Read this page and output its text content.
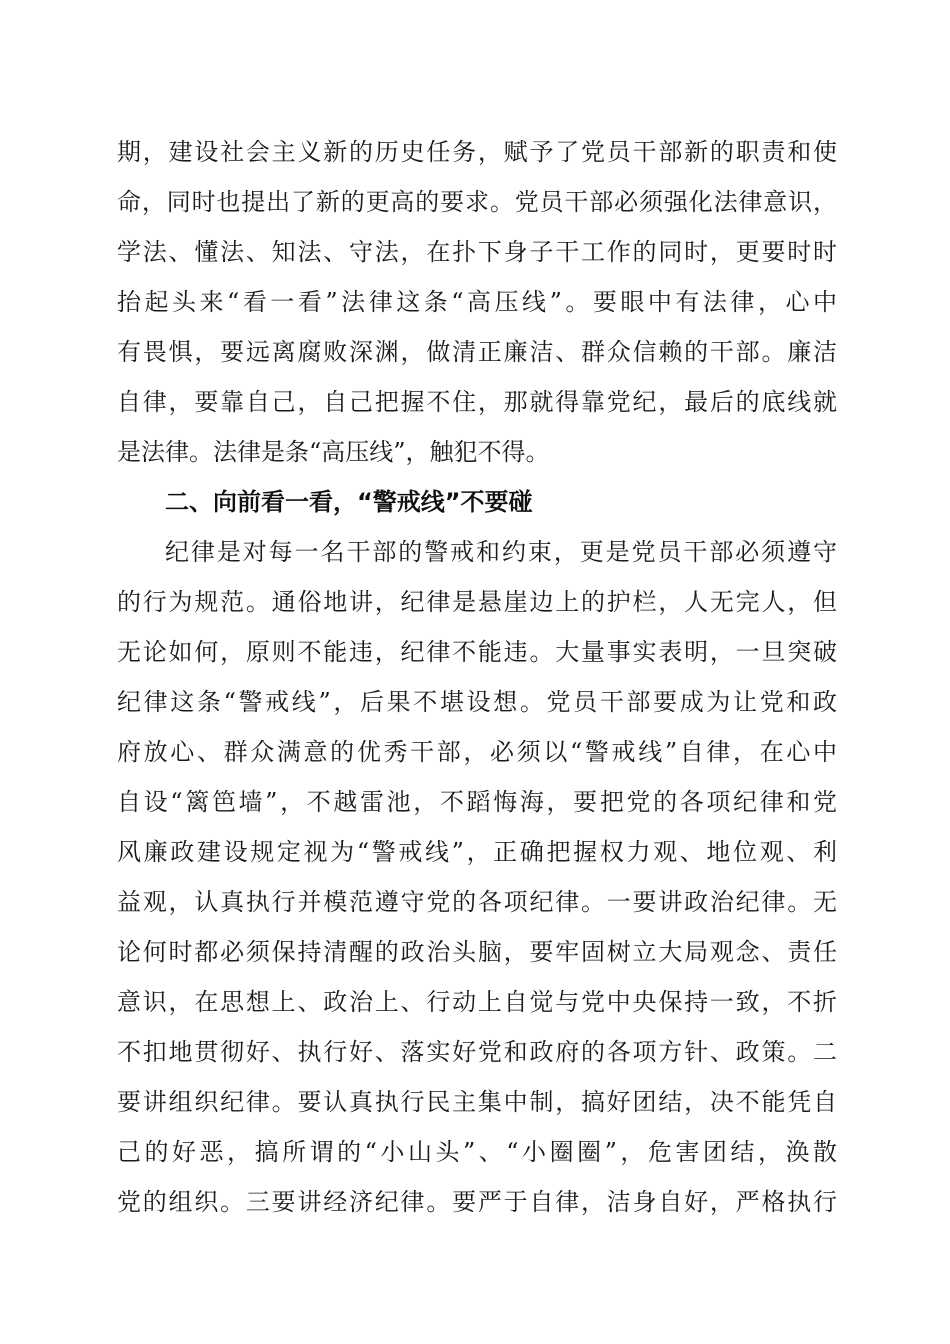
期，建设社会主义新的历史任务，赋予了党员干部新的职责和使
命，同时也提出了新的更高的要求。党员干部必须强化法律意识，
学法、懂法、知法、守法，在扑下身子干工作的同时，更要时时
抬起头来“看一看”法律这条“高压线”。要眼中有法律，心中
有畏惧，要远离腐败深渊，做清正廉洁、群众信赖的干部。廉洁
自律，要靠自己，自己把握不住，那就得靠党纪，最后的底线就
是法律。法律是条“高压线”，触犯不得。
二、向前看一看，“警戒线”不要碰
纪律是对每一名干部的警戒和约束，更是党员干部必须遵守
的行为规范。通俗地讲，纪律是悬崖边上的护栏，人无完人，但
无论如何，原则不能违，纪律不能违。大量事实表明，一旦突破
纪律这条“警戒线”，后果不堪设想。党员干部要成为让党和政
府放心、群众满意的优秀干部，必须以“警戒线”自律，在心中
自设“篱笆墙”，不越雷池，不蹈悔海，要把党的各项纪律和党
风廉政建设规定视为“警戒线”，正确把握权力观、地位观、利
益观，认真执行并模范遵守党的各项纪律。一要讲政治纪律。无
论何时都必须保持清醒的政治头脑，要牢固树立大局观念、责任
意识，在思想上、政治上、行动上自觉与党中央保持一致，不折
不扣地贯彻好、执行好、落实好党和政府的各项方针、政策。二
要讲组织纪律。要认真执行民主集中制，搞好团结，决不能凭自
己的好恶，搞所谓的“小山头”、“小圈圈”，危害团结，涣散
党的组织。三要讲经济纪律。要严于自律，洁身自好，严格执行
